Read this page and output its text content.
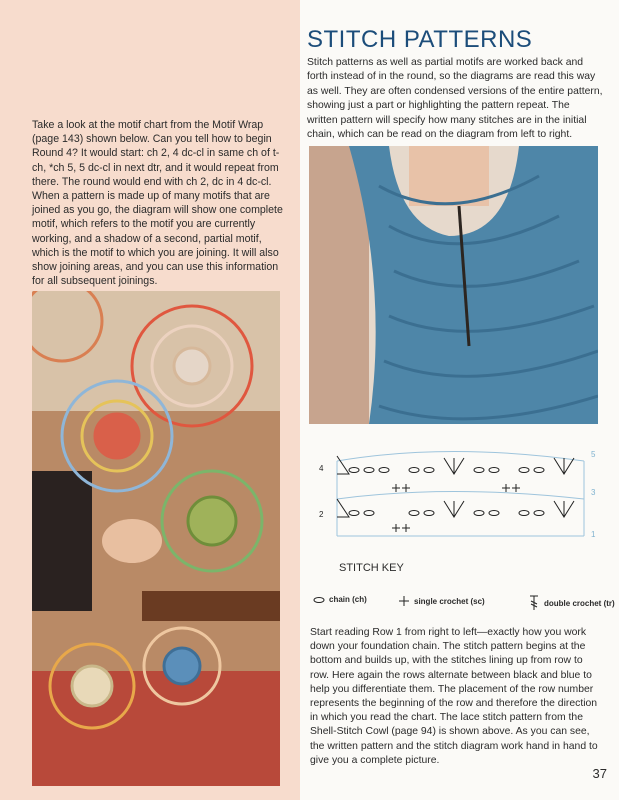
Take a look at the motif chart from the Motif Wrap (page 143) shown below. Can you tell how to begin Round 4? It would start: ch 2, 4 dc-cl in same ch of t-ch, *ch 5, 5 dc-cl in next dtr, and it would repeat from there. The round would end with ch 2, dc in 4 dc-cl. When a pattern is made up of many motifs that are joined as you go, the diagram will show one complete motif, which refers to the motif you are currently working, and a shadow of a second, partial motif, which is the motif to which you are joining. It will also show joining areas, and you can use this information for all subsequent joinings.

STITCH PATTERNS

Stitch patterns as well as partial motifs are worked back and forth instead of in the round, so the diagrams are read this way as well. They are often condensed versions of the entire pattern, showing just a part or highlighting the pattern repeat. The written pattern will specify how many stitches are in the initial chain, which can be read on the diagram from left to right.

4
2
5
3
1
STITCH KEY
chain (ch)	single crochet (sc)	double crochet (tr)

Start reading Row 1 from right to left—exactly how you work down your foundation chain. The stitch pattern begins at the bottom and builds up, with the stitches lining up from row to row. Here again the rows alternate between black and blue to help you differentiate them. The placement of the row number represents the beginning of the row and therefore the direction in which you read the chart. The lace stitch pattern from the Shell-Stitch Cowl (page 94) is shown above. As you can see, the written pattern and the stitch diagram work hand in hand to give you a complete picture.

37
